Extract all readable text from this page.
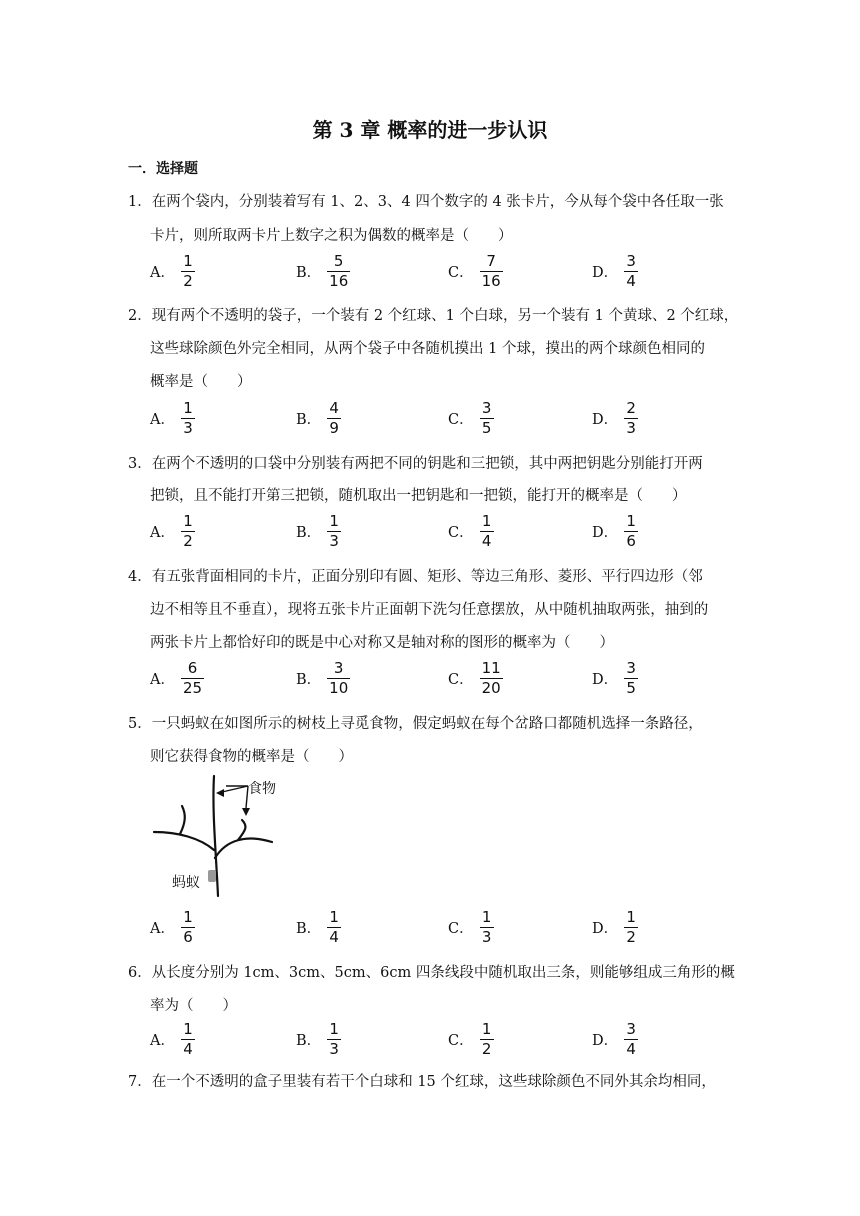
第 3 章 概率的进一步认识
一．选择题
1．在两个袋内，分别装着写有 1、2、3、4 四个数字的 4 张卡片，今从每个袋中各任取一张
卡片，则所取两卡片上数字之积为偶数的概率是（　　）
A． $\frac{1}{2}$	B． $\frac{5}{16}$	C． $\frac{7}{16}$	D． $\frac{3}{4}$
2．现有两个不透明的袋子，一个装有 2 个红球、1 个白球，另一个装有 1 个黄球、2 个红球，
这些球除颜色外完全相同，从两个袋子中各随机摸出 1 个球，摸出的两个球颜色相同的
概率是（　　）
A． $\frac{1}{3}$	B． $\frac{4}{9}$	C． $\frac{3}{5}$	D． $\frac{2}{3}$
3．在两个不透明的口袋中分别装有两把不同的钥匙和三把锁，其中两把钥匙分别能打开两
把锁，且不能打开第三把锁，随机取出一把钥匙和一把锁，能打开的概率是（　　）
A． $\frac{1}{2}$	B． $\frac{1}{3}$	C． $\frac{1}{4}$	D． $\frac{1}{6}$
4．有五张背面相同的卡片，正面分别印有圆、矩形、等边三角形、菱形、平行四边形（邻
边不相等且不垂直），现将五张卡片正面朝下洗匀任意摆放，从中随机抽取两张，抽到的
两张卡片上都恰好印的既是中心对称又是轴对称的图形的概率为（　　）
A． $\frac{6}{25}$	B． $\frac{3}{10}$	C． $\frac{11}{20}$	D． $\frac{3}{5}$
5．一只蚂蚁在如图所示的树枝上寻觅食物，假定蚂蚁在每个岔路口都随机选择一条路径，
则它获得食物的概率是（　　）
食物
蚂蚁
A． $\frac{1}{6}$	B． $\frac{1}{4}$	C． $\frac{1}{3}$	D． $\frac{1}{2}$
6．从长度分别为 1cm、3cm、5cm、6cm 四条线段中随机取出三条，则能够组成三角形的概
率为（　　）
A． $\frac{1}{4}$	B． $\frac{1}{3}$	C． $\frac{1}{2}$	D． $\frac{3}{4}$
7．在一个不透明的盒子里装有若干个白球和 15 个红球，这些球除颜色不同外其余均相同，
